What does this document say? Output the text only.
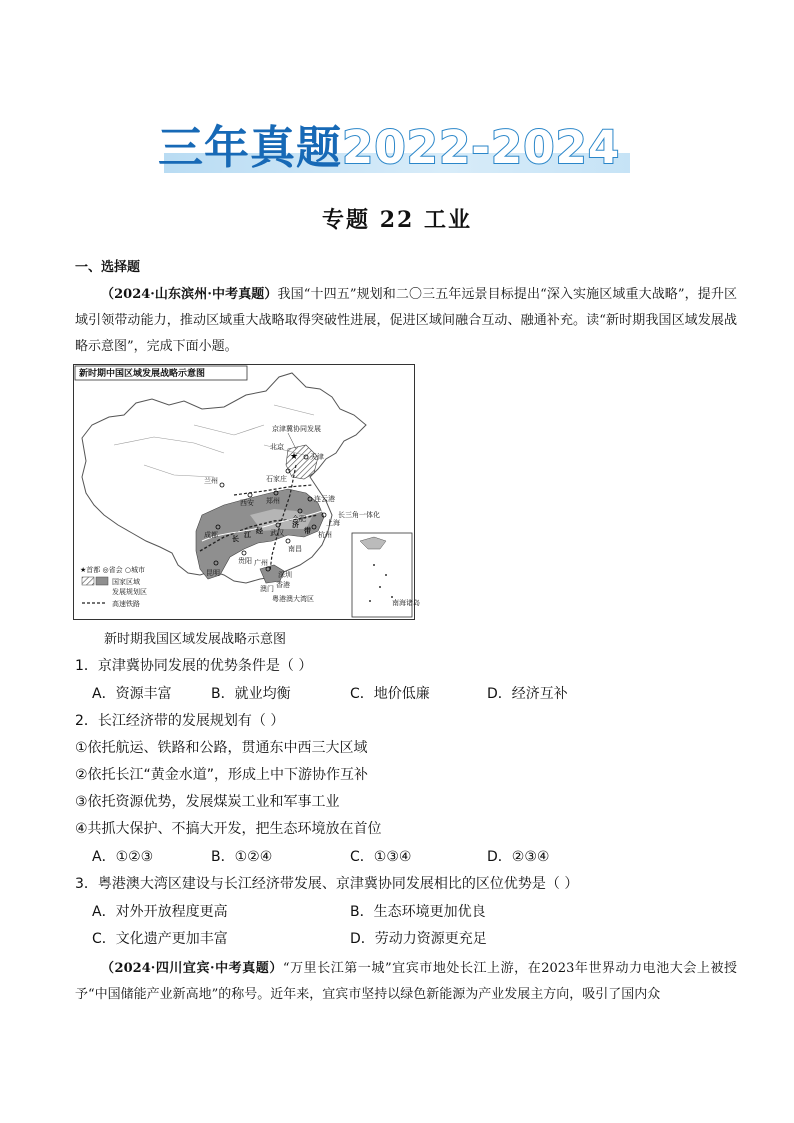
三年真题2022-2024
专题 22 工业
一、选择题

（2024·山东滨州·中考真题）我国“十四五”规划和二〇三五年远景目标提出“深入实施区域重大战略”，提升区域引领带动能力，推动区域重大战略取得突破性进展，促进区域间融合互动、融通补充。读“新时期我国区域发展战略示意图”，完成下面小题。

新时期中国区域发展战略示意图
★
京津冀协同发展
北京
天津
石家庄
兰州
西安 郑州	连云港
合肥	上海
长三角一体化
成都	武汉	杭州
贵阳
南昌
昆明
广州
深圳
香港
澳门
粤港澳大湾区
长 江 经
济
带
南海诸岛
★首都 ◎省会 ○城市
国家区域
发展规划区
高速铁路
新时期我国区域发展战略示意图
1．京津冀协同发展的优势条件是（ ）
A．资源丰富	B．就业均衡	C．地价低廉	D．经济互补
2．长江经济带的发展规划有（ ）
①依托航运、铁路和公路，贯通东中西三大区域
②依托长江“黄金水道”，形成上中下游协作互补
③依托资源优势，发展煤炭工业和军事工业
④共抓大保护、不搞大开发，把生态环境放在首位
A．①②③	B．①②④	C．①③④	D．②③④
3．粤港澳大湾区建设与长江经济带发展、京津冀协同发展相比的区位优势是（ ）
A．对外开放程度更高	B．生态环境更加优良
C．文化遗产更加丰富	D．劳动力资源更充足

（2024·四川宜宾·中考真题）“万里长江第一城”宜宾市地处长江上游，在2023年世界动力电池大会上被授予“中国储能产业新高地”的称号。近年来，宜宾市坚持以绿色新能源为产业发展主方向，吸引了国内众
